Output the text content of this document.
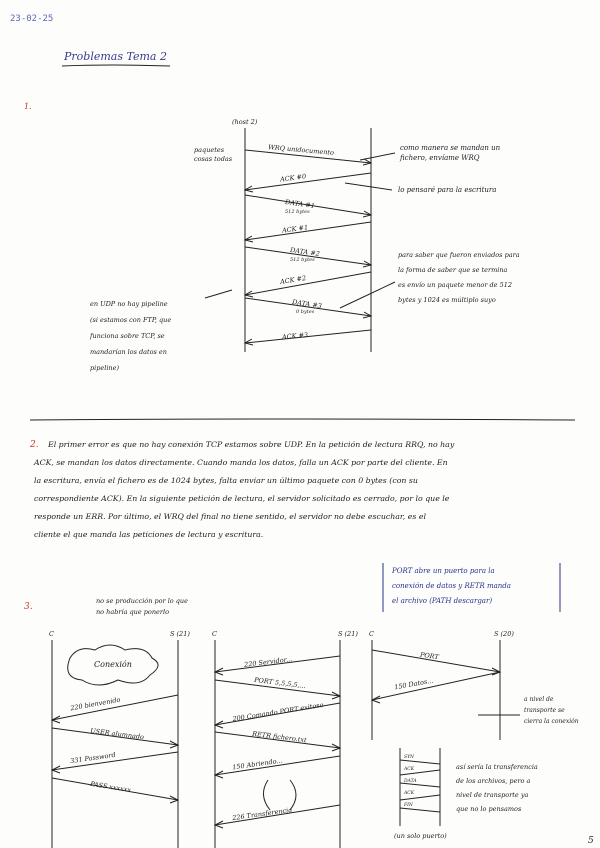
23-02-25
Problemas Tema 2
5
1.
(host 2)
paquetes
cosas todas
WRQ unidocumento
ACK #0
DATA #1
512 bytes
ACK #1
DATA #2
512 bytes
ACK #2
DATA #3
0 bytes
ACK #3
como manera se mandan un
fichero, envíame WRQ
lo pensaré para la escritura
para saber que fueron enviados para
la forma de saber que se termina
es envío un paquete menor de 512
bytes y 1024 es múltiplo suyo
en UDP no hay pipeline
(si estamos con FTP, que
funciona sobre TCP, se
mandarían los datos en
pipeline)
2.	El primer error es que no hay conexión TCP estamos sobre UDP. En la petición de lectura RRQ, no hay
ACK, se mandan los datos directamente. Cuando manda los datos, falla un ACK por parte del cliente. En
la escritura, envía el fichero es de 1024 bytes, falta enviar un último paquete con 0 bytes (con su
correspondiente ACK). En la siguiente petición de lectura, el servidor solicitado es cerrado, por lo que le
responde un ERR. Por último, el WRQ del final no tiene sentido, el servidor no debe escuchar, es el
cliente el que manda las peticiones de lectura y escritura.
PORT abre un puerto para la
conexión de datos y RETR manda
el archivo (PATH descargar)
3.
no se producción por lo que
no habría que ponerlo
C	S (21)
Conexión
220 bienvenido
USER alumnado
331 Password
PASS xxxxxx
C	S (21)
220 Servidor...
PORT 5,5,5,5,...
200 Comando PORT exitoso
RETR fichero.txt
150 Abriendo...
226 Transferencia
C	S (20)
PORT
150 Datos...
SYN
ACK
DATA
ACK
FIN
(un solo puerto)
a nivel de
transporte se
cierra la conexión
así sería la transferencia
de los archivos, pero a
nivel de transporte ya
que no lo pensamos
